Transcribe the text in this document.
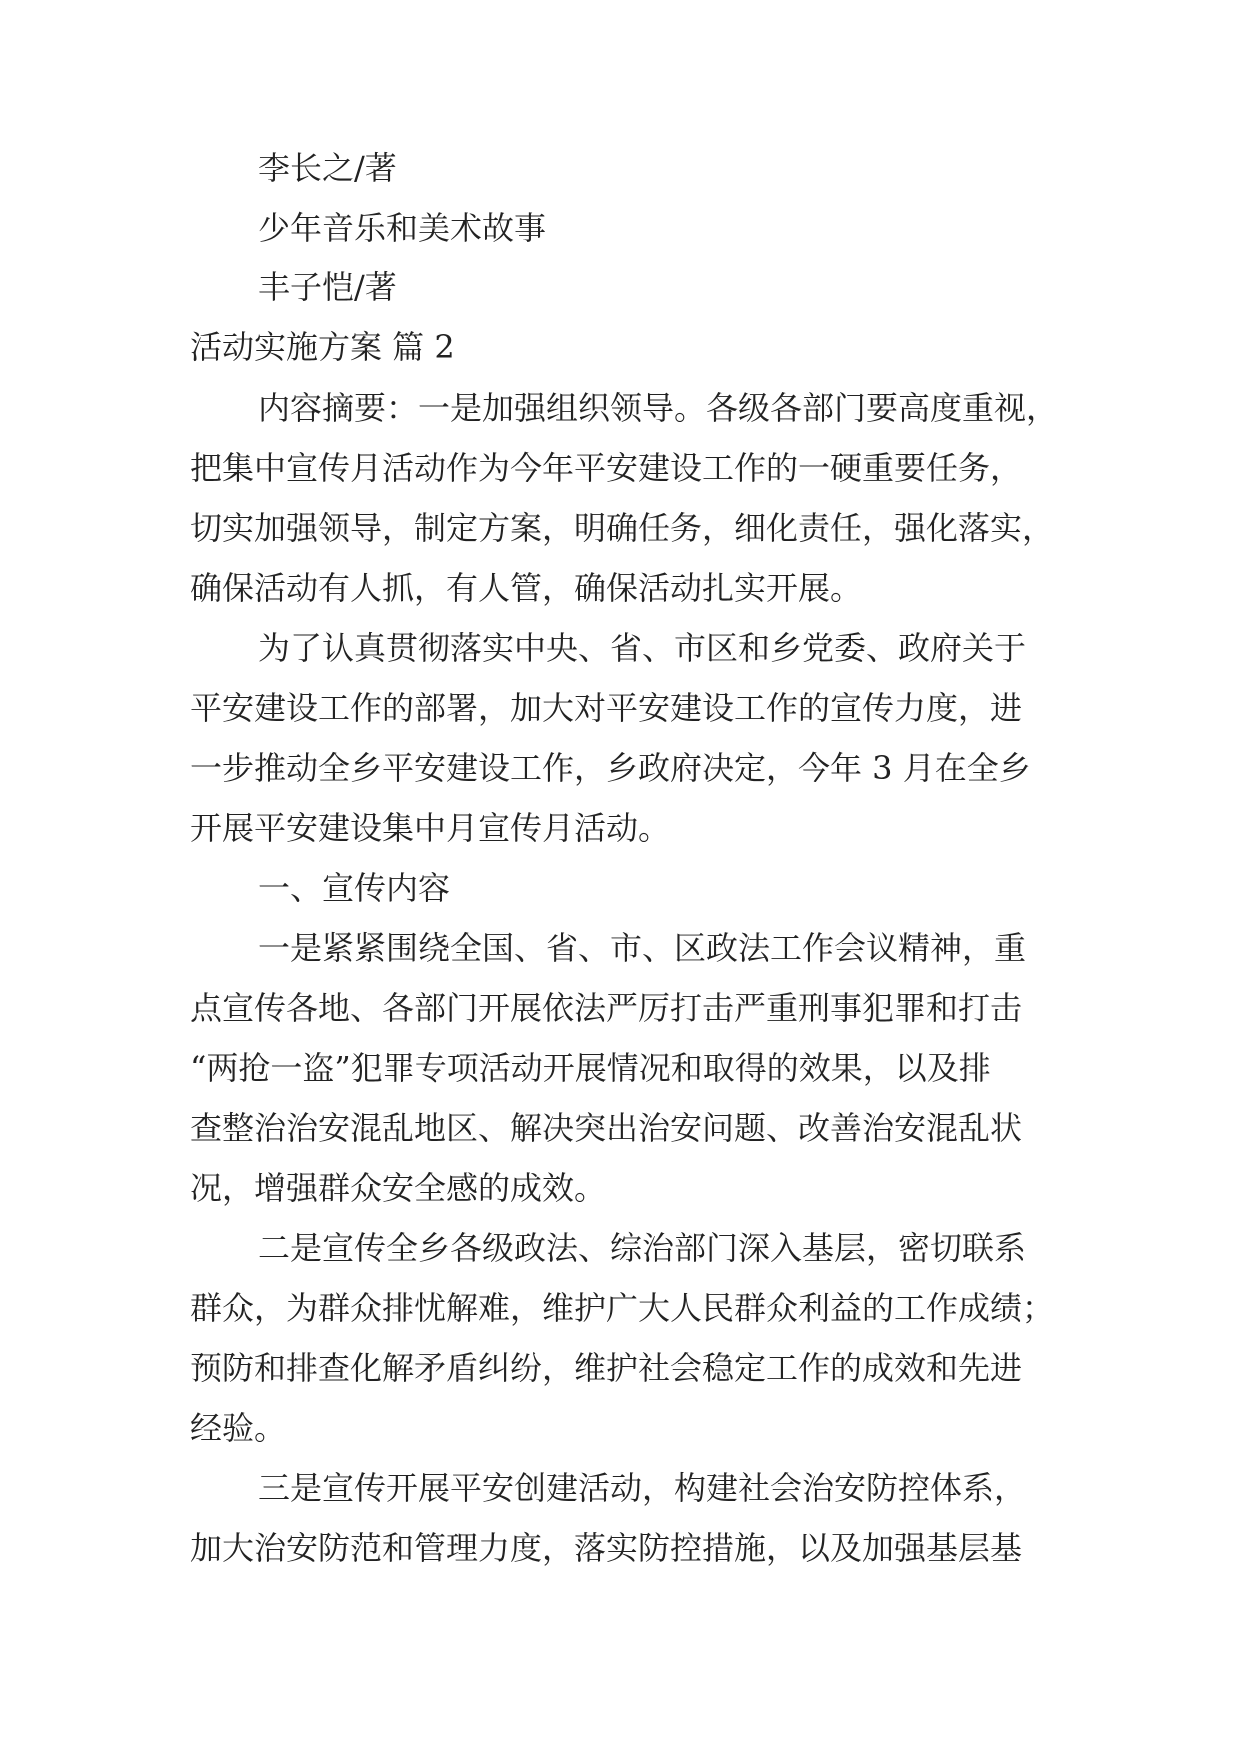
李长之/著
少年音乐和美术故事
丰子恺/著
活动实施方案 篇 2
内容摘要：一是加强组织领导。各级各部门要高度重视，
把集中宣传月活动作为今年平安建设工作的一硬重要任务，
切实加强领导，制定方案，明确任务，细化责任，强化落实，
确保活动有人抓，有人管，确保活动扎实开展。
为了认真贯彻落实中央、省、市区和乡党委、政府关于
平安建设工作的部署，加大对平安建设工作的宣传力度，进
一步推动全乡平安建设工作，乡政府决定，今年 3 月在全乡
开展平安建设集中月宣传月活动。
一、宣传内容
一是紧紧围绕全国、省、市、区政法工作会议精神，重
点宣传各地、各部门开展依法严厉打击严重刑事犯罪和打击
“两抢一盗”犯罪专项活动开展情况和取得的效果，以及排
查整治治安混乱地区、解决突出治安问题、改善治安混乱状
况，增强群众安全感的成效。
二是宣传全乡各级政法、综治部门深入基层，密切联系
群众，为群众排忧解难，维护广大人民群众利益的工作成绩；
预防和排查化解矛盾纠纷，维护社会稳定工作的成效和先进
经验。
三是宣传开展平安创建活动，构建社会治安防控体系，
加大治安防范和管理力度，落实防控措施，以及加强基层基
